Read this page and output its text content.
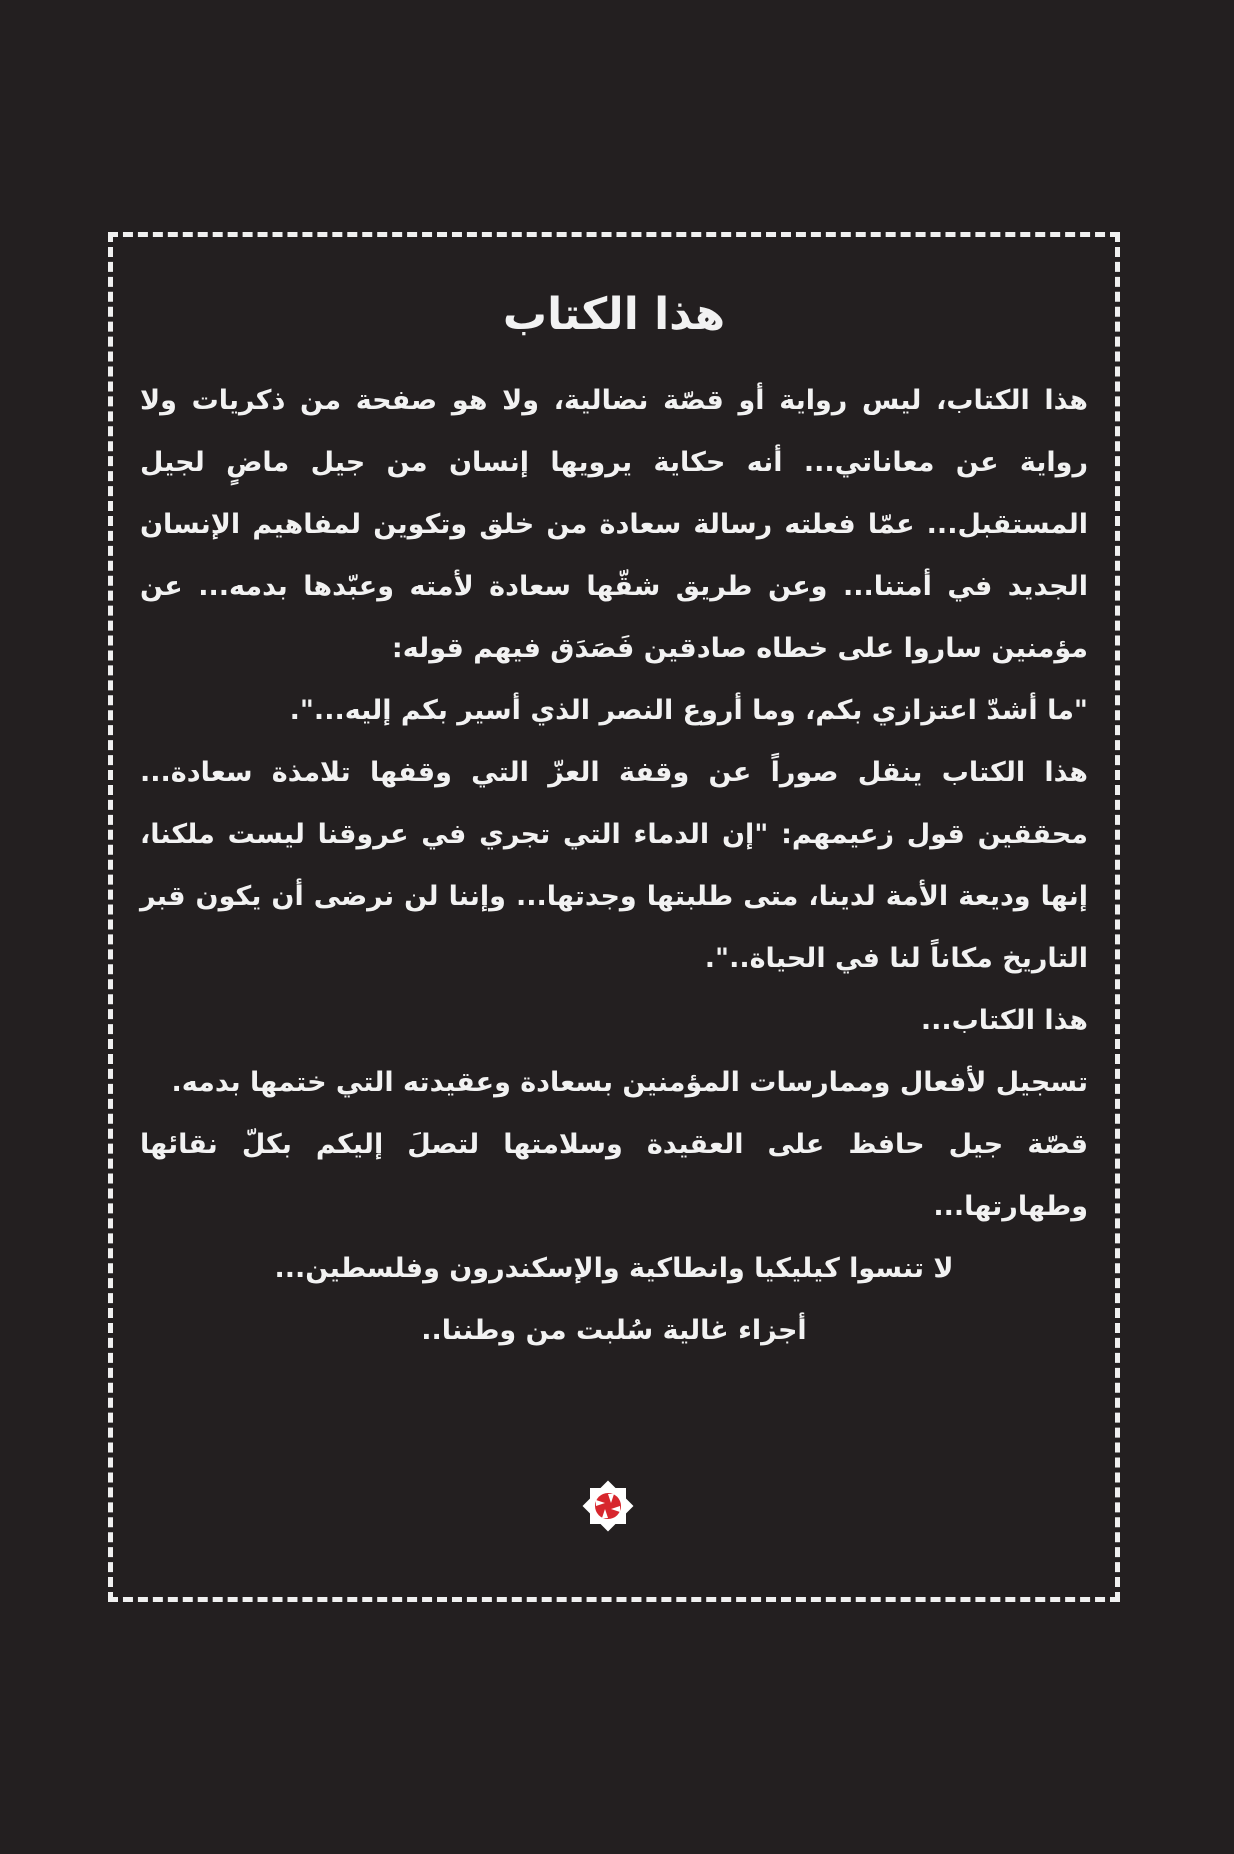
هذا الكتاب

هذا الكتاب، ليس رواية أو قصّة نضالية، ولا هو صفحة من ذكريات ولا رواية عن معاناتي... أنه حكاية يرويها إنسان من جيل ماضٍ لجيل المستقبل... عمّا فعلته رسالة سعادة من خلق وتكوين لمفاهيم الإنسان الجديد في أمتنا... وعن طريق شقّها سعادة لأمته وعبّدها بدمه... عن مؤمنين ساروا على خطاه صادقين فَصَدَق فيهم قوله:

"ما أشدّ اعتزازي بكم، وما أروع النصر الذي أسير بكم إليه...".

هذا الكتاب ينقل صوراً عن وقفة العزّ التي وقفها تلامذة سعادة... محققين قول زعيمهم: "إن الدماء التي تجري في عروقنا ليست ملكنا، إنها وديعة الأمة لدينا، متى طلبتها وجدتها... وإننا لن نرضى أن يكون قبر التاريخ مكاناً لنا في الحياة..".

هذا الكتاب...

تسجيل لأفعال وممارسات المؤمنين بسعادة وعقيدته التي ختمها بدمه.

قصّة جيل حافظ على العقيدة وسلامتها لتصلَ إليكم بكلّ نقائها وطهارتها...

لا تنسوا كيليكيا وانطاكية والإسكندرون وفلسطين...

أجزاء غالية سُلبت من وطننا..
